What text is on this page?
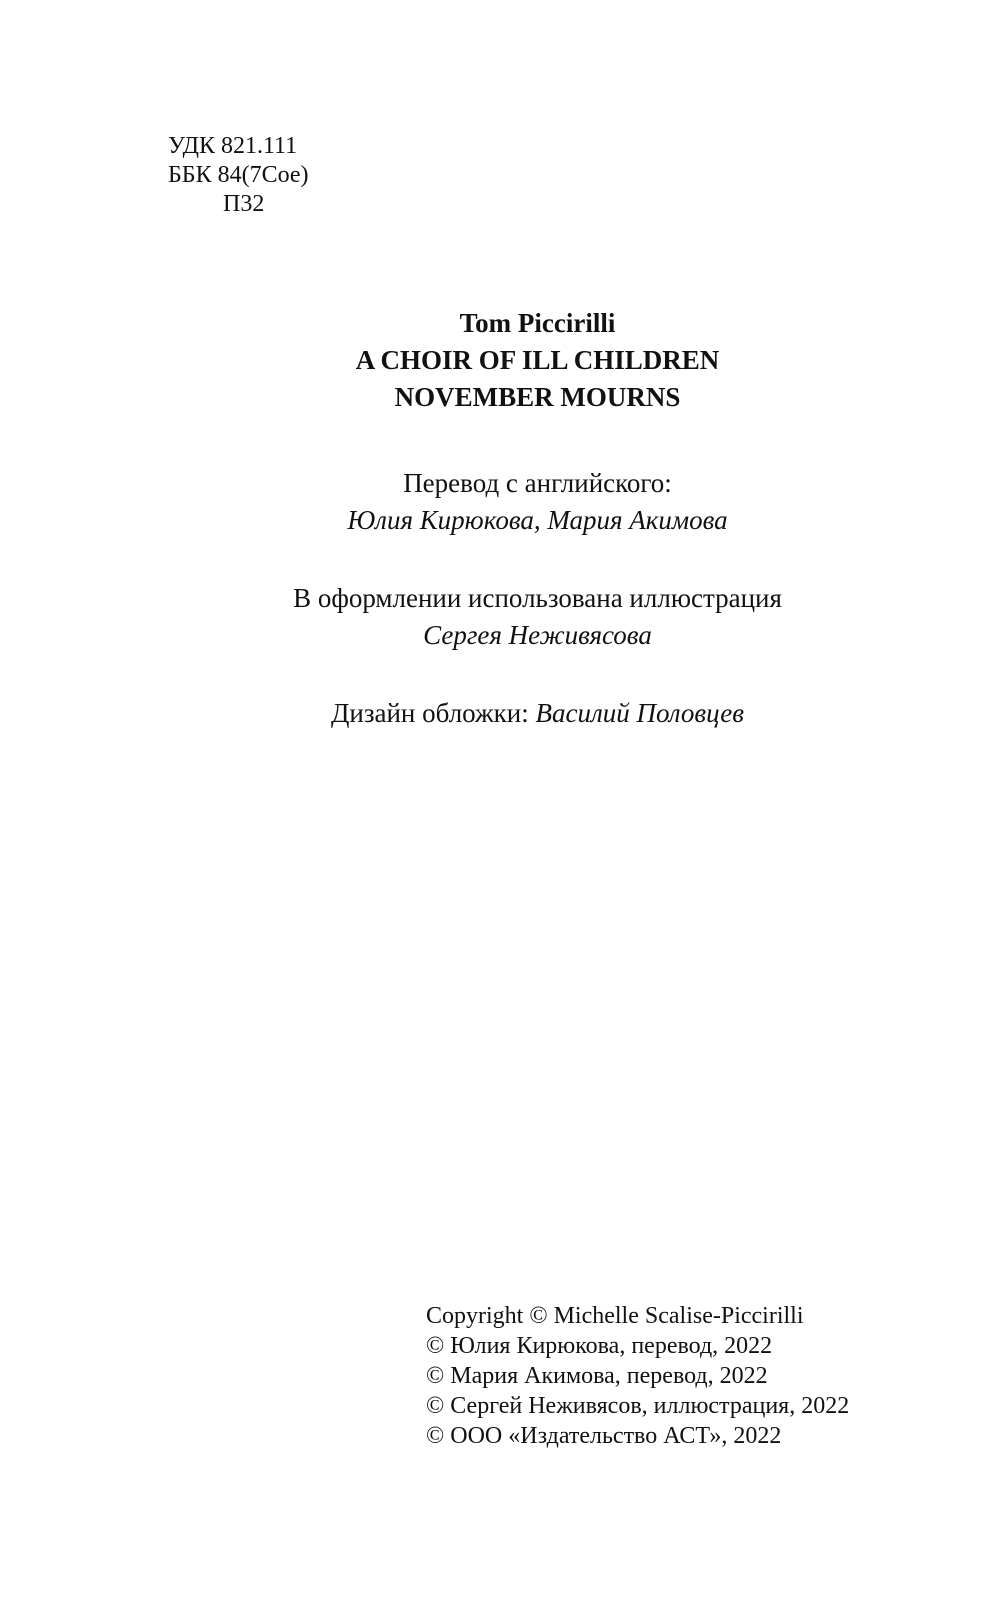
УДК 821.111
ББК 84(7Сое)
П32
Tom Piccirilli
A CHOIR OF ILL CHILDREN
NOVEMBER MOURNS
Перевод с английского:
Юлия Кирюкова, Мария Акимова
В оформлении использована иллюстрация
Сергея Неживясова
Дизайн обложки: Василий Половцев
Copyright © Michelle Scalise-Piccirilli
© Юлия Кирюкова, перевод, 2022
© Мария Акимова, перевод, 2022
© Сергей Неживясов, иллюстрация, 2022
© ООО «Издательство АСТ», 2022
